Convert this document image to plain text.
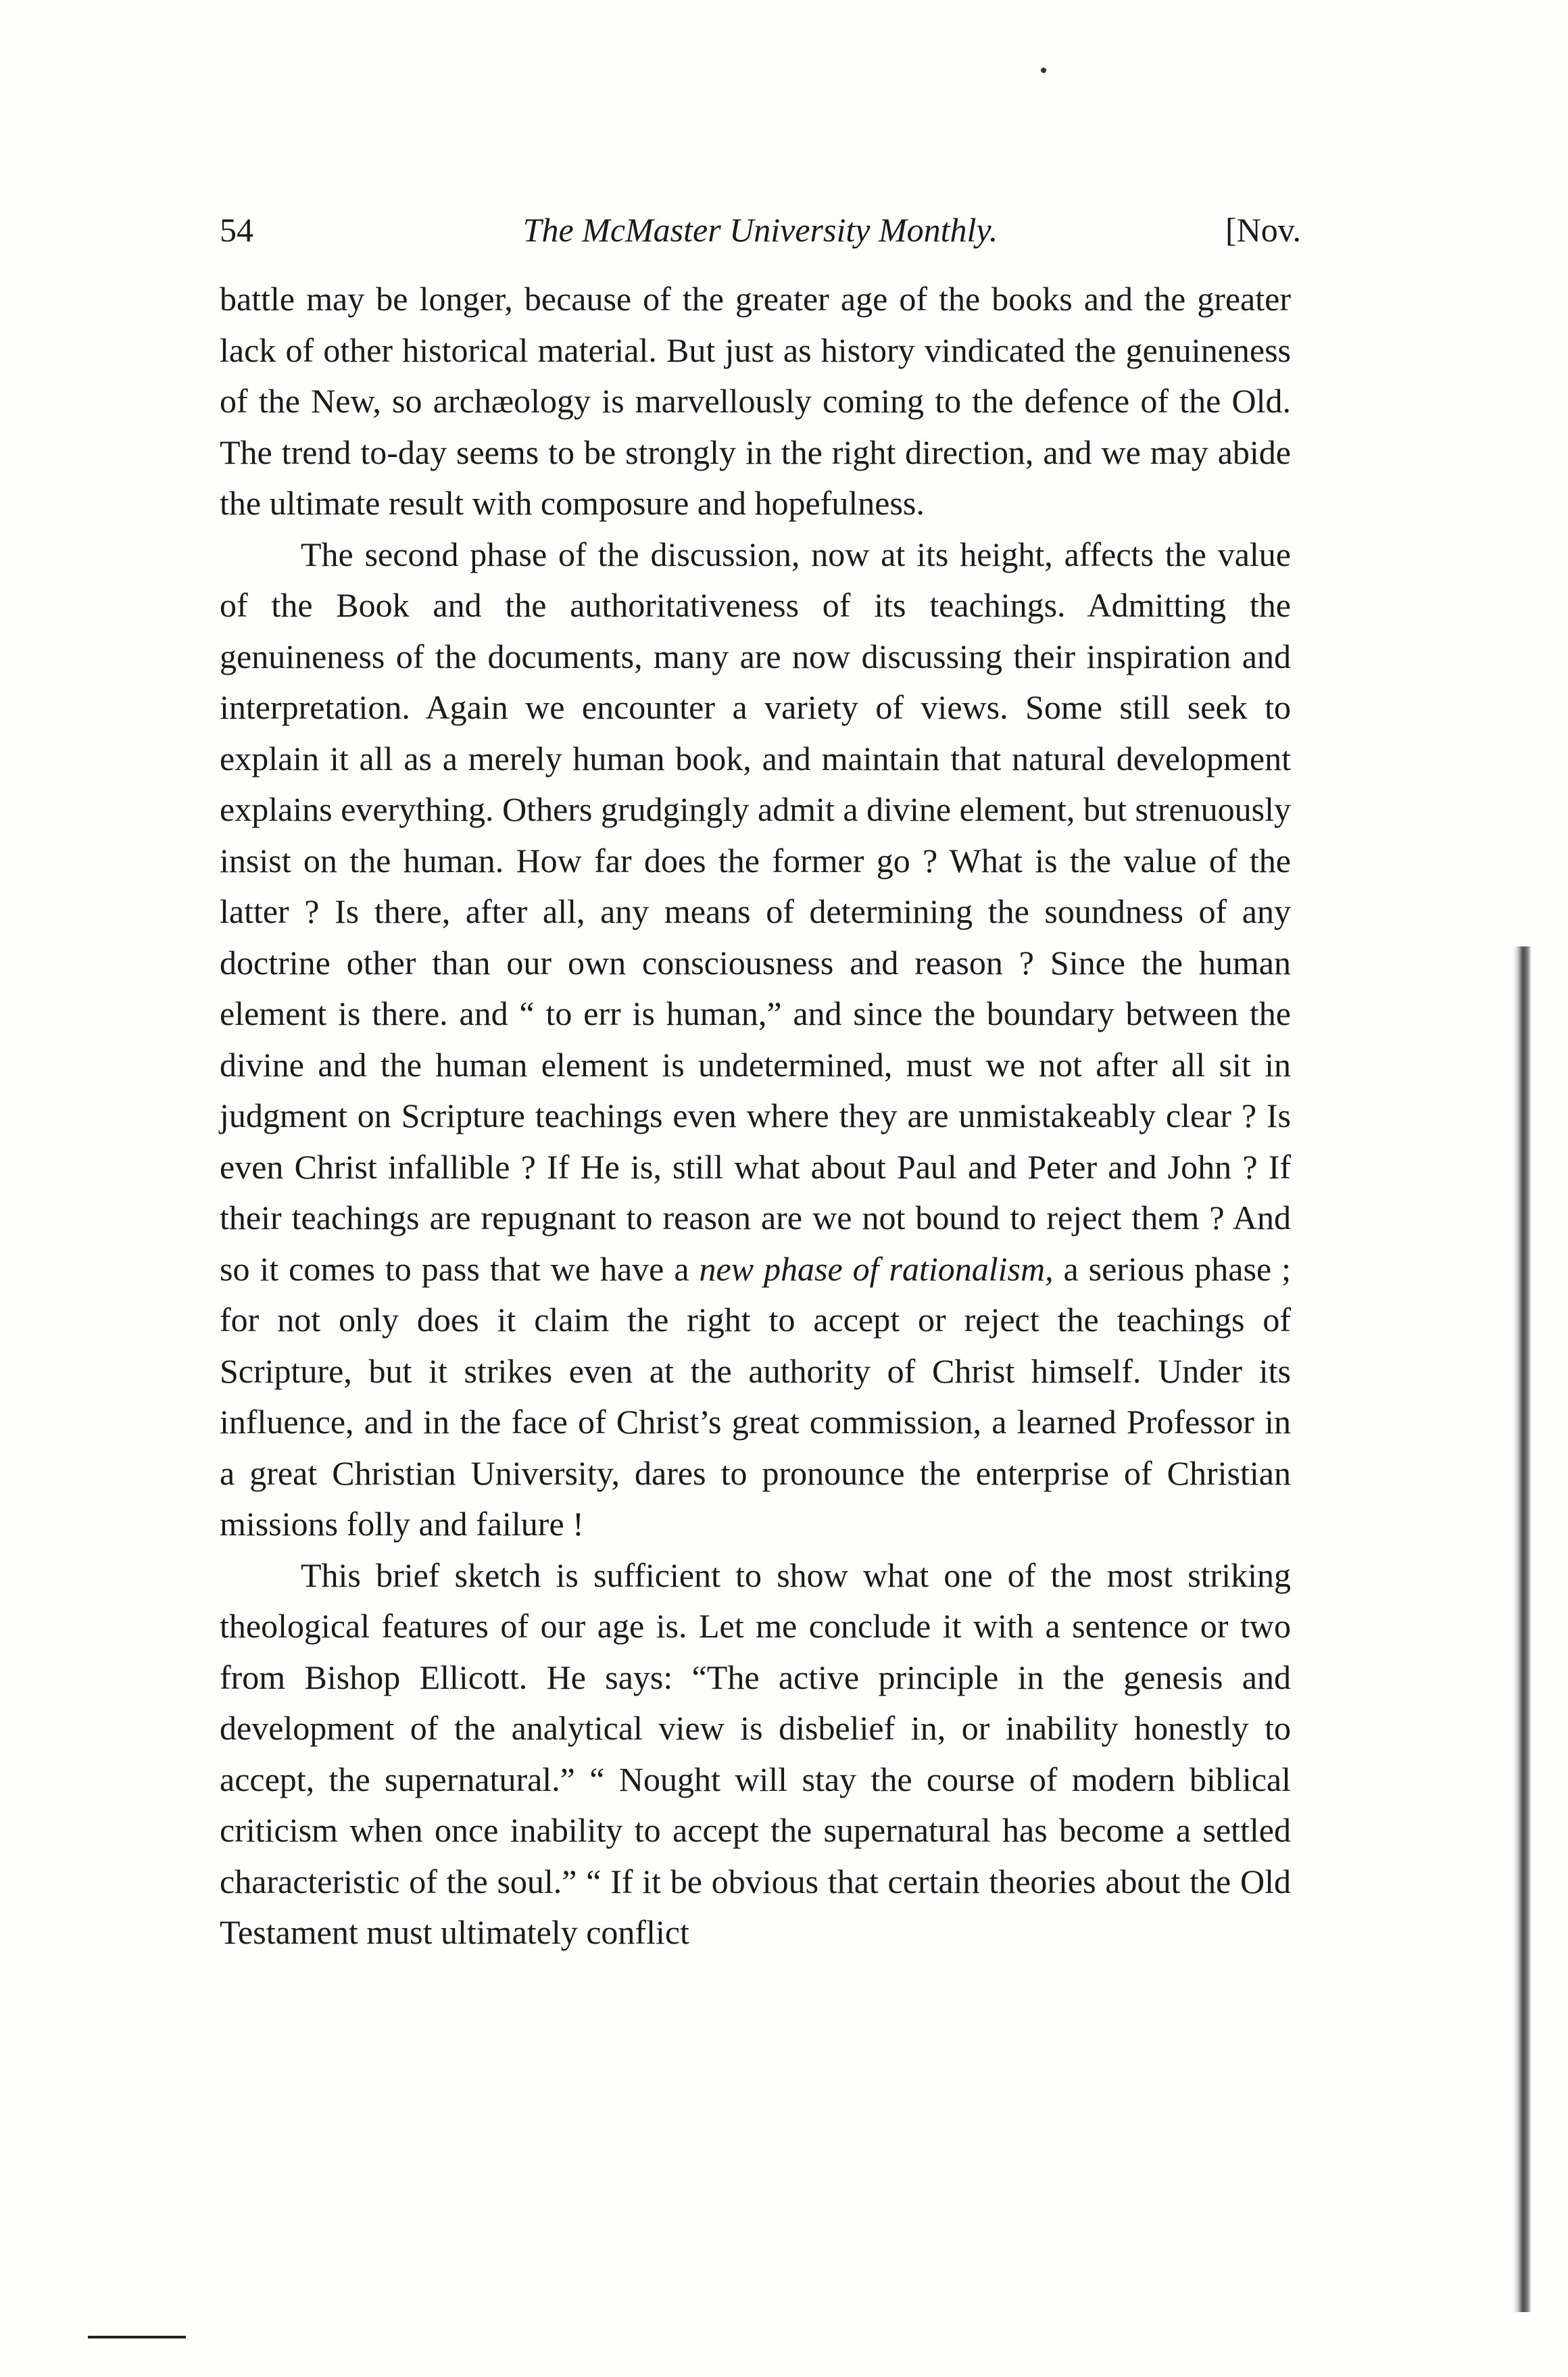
54	The McMaster University Monthly.	[Nov.

battle may be longer, because of the greater age of the books and the greater lack of other historical material. But just as history vindicated the genuineness of the New, so archæology is marvellously coming to the defence of the Old. The trend to-day seems to be strongly in the right direction, and we may abide the ultimate result with composure and hopefulness.

The second phase of the discussion, now at its height, affects the value of the Book and the authoritativeness of its teachings. Admitting the genuineness of the documents, many are now discussing their inspiration and interpretation. Again we encounter a variety of views. Some still seek to explain it all as a merely human book, and maintain that natural development explains everything. Others grudgingly admit a divine element, but strenuously insist on the human. How far does the former go ? What is the value of the latter ? Is there, after all, any means of determining the soundness of any doctrine other than our own consciousness and reason ? Since the human element is there. and “ to err is human,” and since the boundary between the divine and the human element is undetermined, must we not after all sit in judgment on Scripture teachings even where they are unmistakeably clear ? Is even Christ infallible ? If He is, still what about Paul and Peter and John ? If their teachings are repugnant to reason are we not bound to reject them ? And so it comes to pass that we have a new phase of rationalism, a serious phase ; for not only does it claim the right to accept or reject the teachings of Scripture, but it strikes even at the authority of Christ himself. Under its influence, and in the face of Christ’s great commission, a learned Professor in a great Christian University, dares to pronounce the enterprise of Christian missions folly and failure !

This brief sketch is sufficient to show what one of the most striking theological features of our age is. Let me conclude it with a sentence or two from Bishop Ellicott. He says: “The active principle in the genesis and development of the analytical view is disbelief in, or inability honestly to accept, the supernatural.” “ Nought will stay the course of modern biblical criticism when once inability to accept the supernatural has become a settled characteristic of the soul.” “ If it be obvious that certain theories about the Old Testament must ultimately conflict
